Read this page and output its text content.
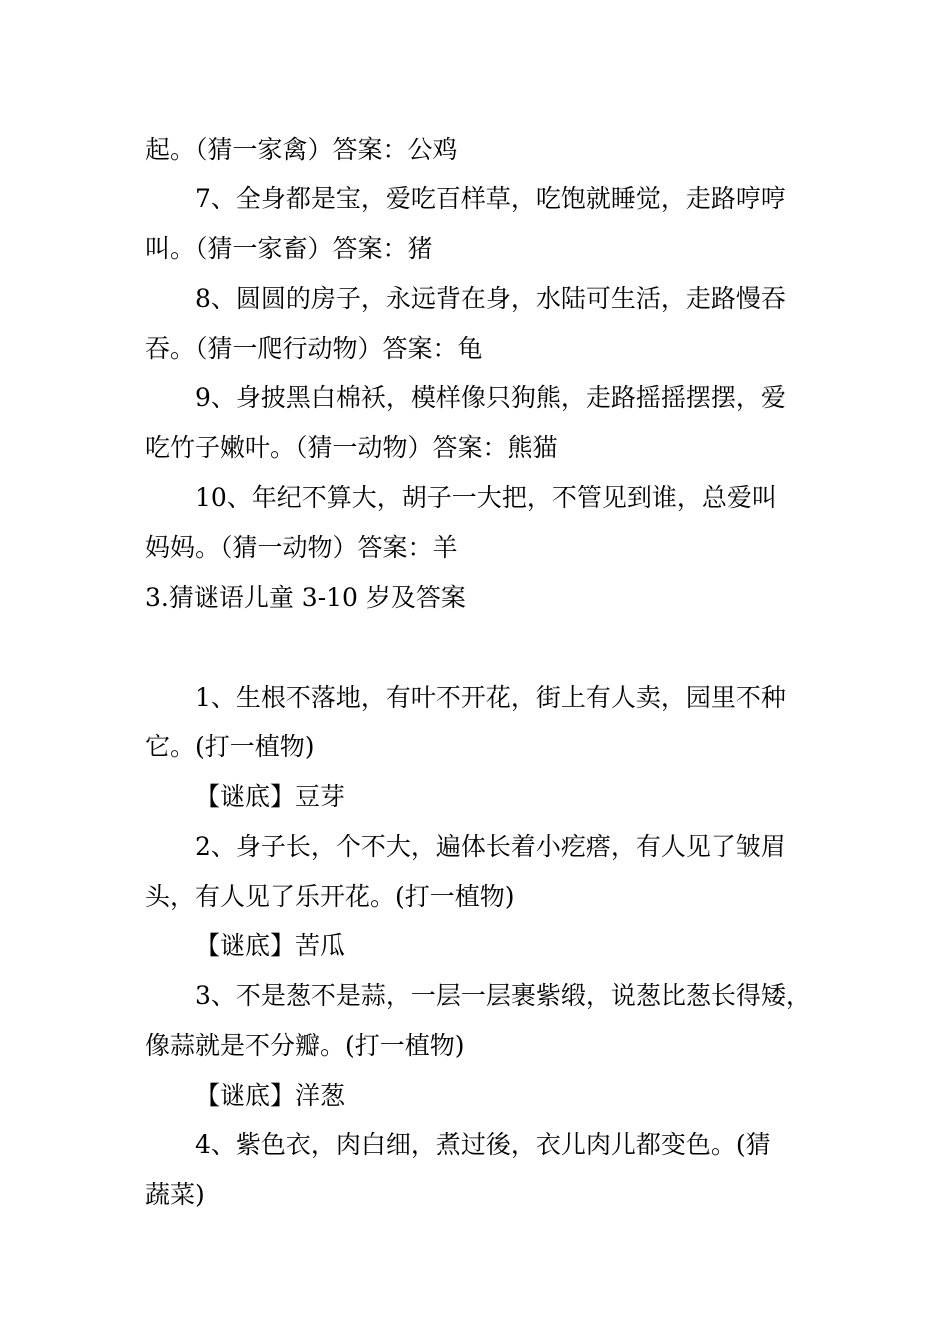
起。（猜一家禽）答案：公鸡
7、全身都是宝，爱吃百样草，吃饱就睡觉，走路哼哼
叫。（猜一家畜）答案：猪
8、圆圆的房子，永远背在身，水陆可生活，走路慢吞
吞。（猜一爬行动物）答案：龟
9、身披黑白棉袄，模样像只狗熊，走路摇摇摆摆，爱
吃竹子嫩叶。（猜一动物）答案：熊猫
10、年纪不算大，胡子一大把，不管见到谁，总爱叫
妈妈。（猜一动物）答案：羊
3.猜谜语儿童 3-10 岁及答案
1、生根不落地，有叶不开花，街上有人卖，园里不种
它。(打一植物)
【谜底】豆芽
2、身子长，个不大，遍体长着小疙瘩，有人见了皱眉
头，有人见了乐开花。(打一植物)
【谜底】苦瓜
3、不是葱不是蒜，一层一层裹紫缎，说葱比葱长得矮，
像蒜就是不分瓣。(打一植物)
【谜底】洋葱
4、紫色衣，肉白细，煮过後，衣儿肉儿都变色。(猜
蔬菜)
